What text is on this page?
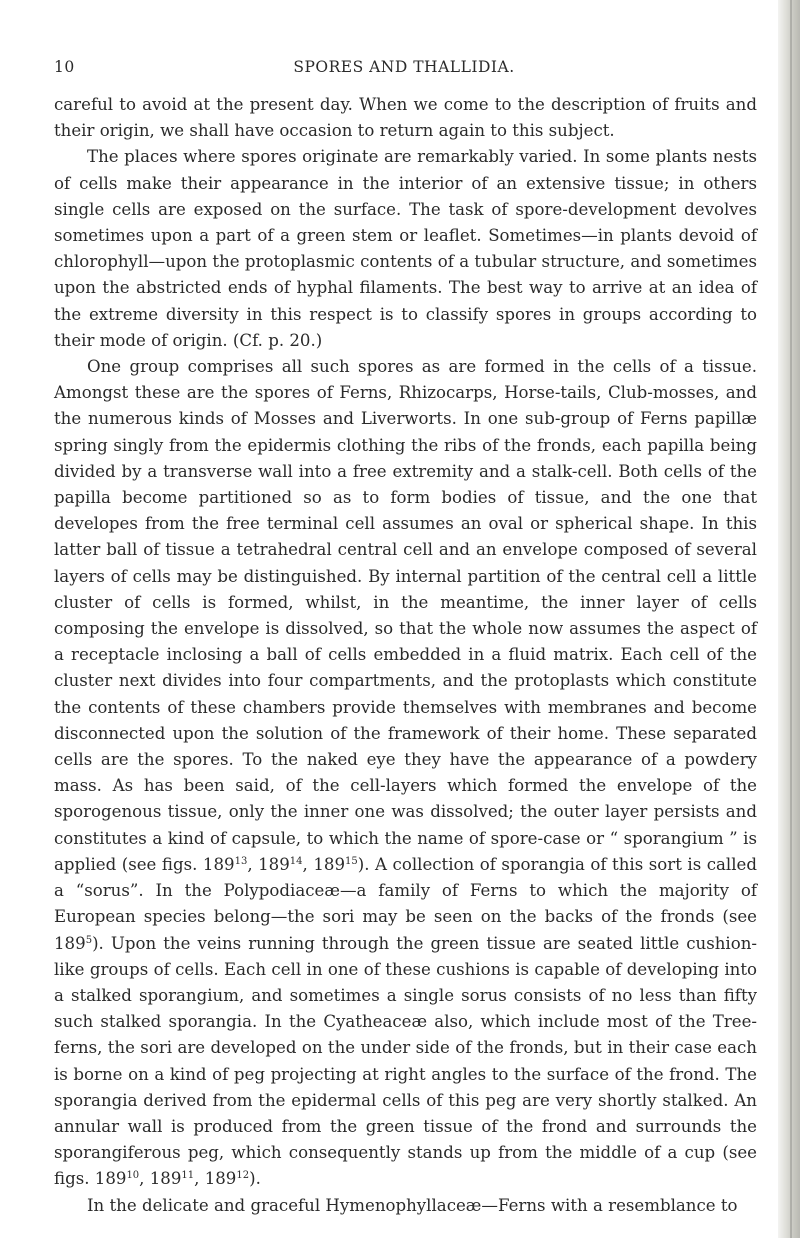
10	SPORES AND THALLIDIA.

careful to avoid at the present day. When we come to the description of fruits and their origin, we shall have occasion to return again to this subject.

The places where spores originate are remarkably varied. In some plants nests of cells make their appearance in the interior of an extensive tissue; in others single cells are exposed on the surface. The task of spore-development devolves sometimes upon a part of a green stem or leaflet. Sometimes—in plants devoid of chlorophyll—upon the protoplasmic contents of a tubular structure, and sometimes upon the abstricted ends of hyphal filaments. The best way to arrive at an idea of the extreme diversity in this respect is to classify spores in groups according to their mode of origin. (Cf. p. 20.)

One group comprises all such spores as are formed in the cells of a tissue. Amongst these are the spores of Ferns, Rhizocarps, Horse-tails, Club-mosses, and the numerous kinds of Mosses and Liverworts. In one sub-group of Ferns papillæ spring singly from the epidermis clothing the ribs of the fronds, each papilla being divided by a transverse wall into a free extremity and a stalk-cell. Both cells of the papilla become partitioned so as to form bodies of tissue, and the one that developes from the free terminal cell assumes an oval or spherical shape. In this latter ball of tissue a tetrahedral central cell and an envelope composed of several layers of cells may be distinguished. By internal partition of the central cell a little cluster of cells is formed, whilst, in the meantime, the inner layer of cells composing the envelope is dissolved, so that the whole now assumes the aspect of a receptacle inclosing a ball of cells embedded in a fluid matrix. Each cell of the cluster next divides into four compartments, and the protoplasts which constitute the contents of these chambers provide themselves with membranes and become disconnected upon the solution of the framework of their home. These separated cells are the spores. To the naked eye they have the appearance of a powdery mass. As has been said, of the cell-layers which formed the envelope of the sporogenous tissue, only the inner one was dissolved; the outer layer persists and constitutes a kind of capsule, to which the name of spore-case or “ sporangium ” is applied (see figs. $189^{13}$, $189^{14}$, $189^{15}$). A collection of sporangia of this sort is called a “sorus”. In the Polypodiaceæ—a family of Ferns to which the majority of European species belong—the sori may be seen on the backs of the fronds (see $189^5$). Upon the veins running through the green tissue are seated little cushion-like groups of cells. Each cell in one of these cushions is capable of developing into a stalked sporangium, and sometimes a single sorus consists of no less than fifty such stalked sporangia. In the Cyatheaceæ also, which include most of the Tree-ferns, the sori are developed on the under side of the fronds, but in their case each is borne on a kind of peg projecting at right angles to the surface of the frond. The sporangia derived from the epidermal cells of this peg are very shortly stalked. An annular wall is produced from the green tissue of the frond and surrounds the sporangiferous peg, which consequently stands up from the middle of a cup (see figs. $189^{10}$, $189^{11}$, $189^{12}$).

In the delicate and graceful Hymenophyllaceæ—Ferns with a resemblance to
